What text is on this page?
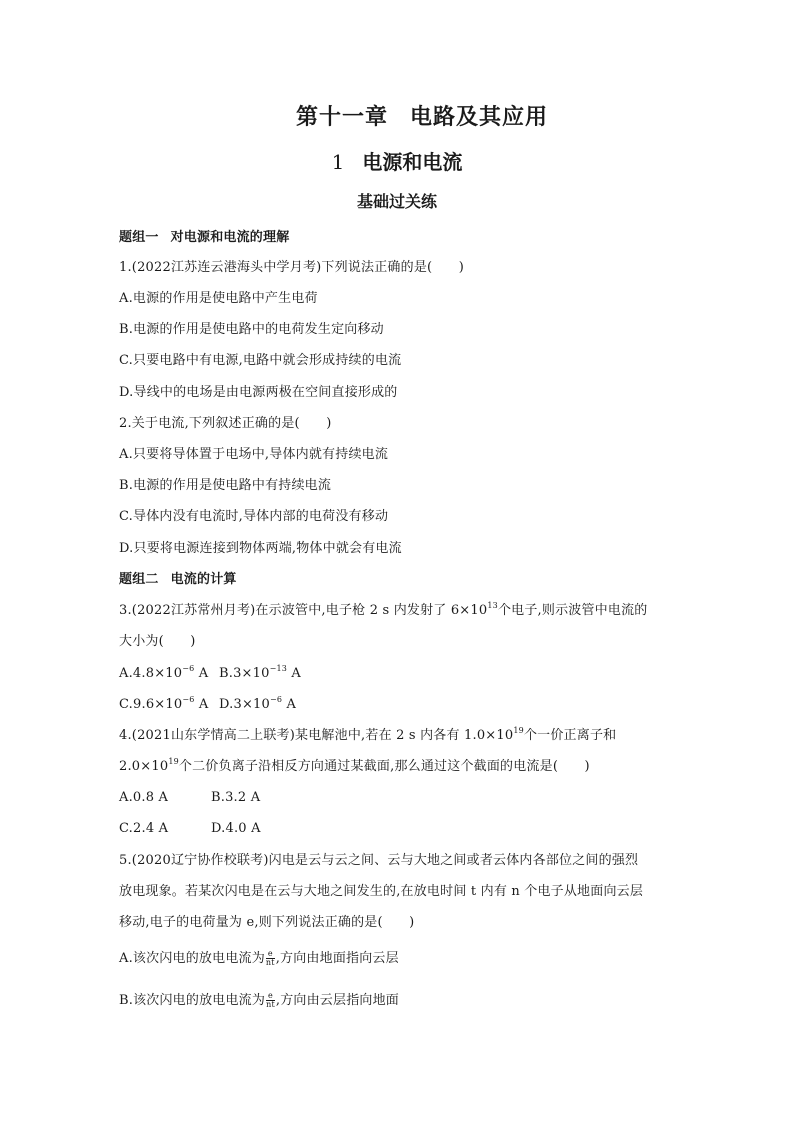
第十一章 电路及其应用
1 电源和电流
基础过关练
题组一 对电源和电流的理解
1.(2022江苏连云港海头中学月考)下列说法正确的是(　　)
A.电源的作用是使电路中产生电荷
B.电源的作用是使电路中的电荷发生定向移动
C.只要电路中有电源,电路中就会形成持续的电流
D.导线中的电场是由电源两极在空间直接形成的
2.关于电流,下列叙述正确的是(　　)
A.只要将导体置于电场中,导体内就有持续电流
B.电源的作用是使电路中有持续电流
C.导体内没有电流时,导体内部的电荷没有移动
D.只要将电源连接到物体两端,物体中就会有电流
题组二 电流的计算
3.(2022江苏常州月考)在示波管中,电子枪 2 s 内发射了 $6\times 10^{13}$个电子,则示波管中电流的
大小为(　　)
$A.4.8\times 10^{-6}$ A $B.3\times 10^{-13}$ A
$C.9.6\times 10^{-6}$ A $D.3\times 10^{-6}$ A
4.(2021山东学情高二上联考)某电解池中,若在 2 s 内各有 $1.0\times 10^{19}$个一价正离子和
$2.0\times 10^{19}$个二价负离子沿相反方向通过某截面,那么通过这个截面的电流是(　　)
A.0.8 A	B.3.2 A
C.2.4 A	D.4.0 A
5.(2020辽宁协作校联考)闪电是云与云之间、云与大地之间或者云体内各部位之间的强烈
放电现象。若某次闪电是在云与大地之间发生的,在放电时间 t 内有 n 个电子从地面向云层
移动,电子的电荷量为 e,则下列说法正确的是(　　)
A.该次闪电的放电电流为 $\frac{e}{nt}$ ,方向由地面指向云层
B.该次闪电的放电电流为 $\frac{e}{nt}$ ,方向由云层指向地面
